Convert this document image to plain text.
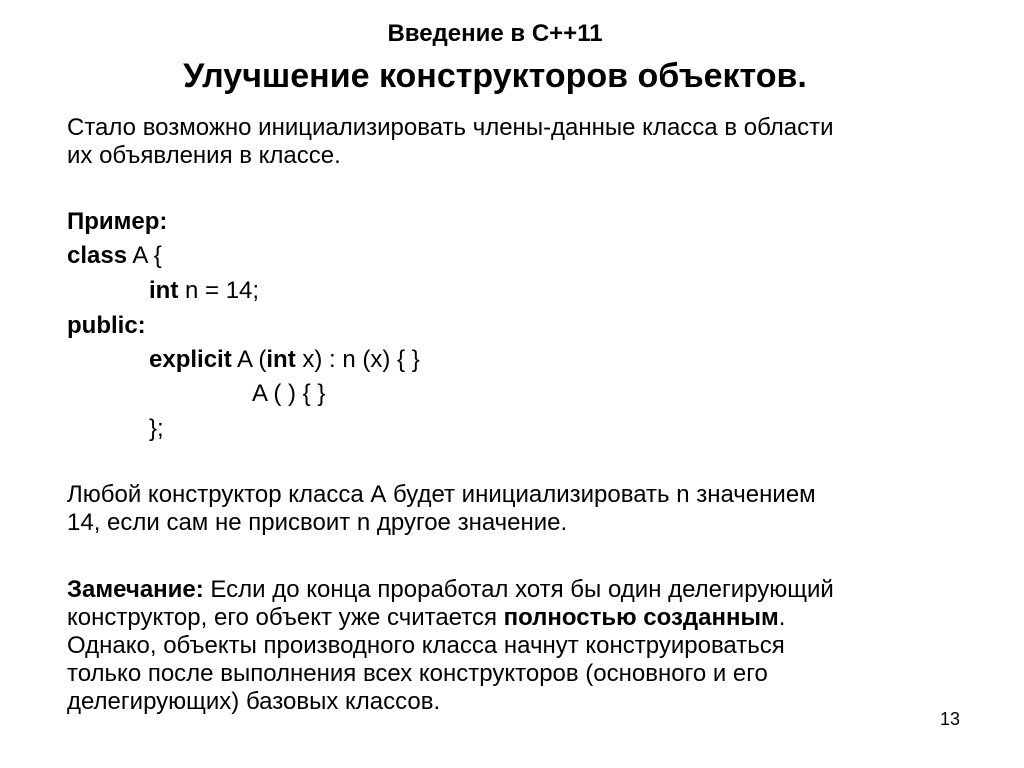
Введение в С++11
Улучшение конструкторов объектов.
Стало возможно инициализировать члены-данные класса в области
их объявления в классе.
Пример:
class A {
int n = 14;
public:
explicit A (int x) : n (x) { }
A ( ) { }
};
Любой конструктор класса А будет инициализировать n значением
14, если сам не присвоит n другое значение.
Замечание: Если до конца проработал хотя бы один делегирующий
конструктор, его объект уже считается полностью созданным.
Однако, объекты производного класса начнут конструироваться
только после выполнения всех конструкторов (основного и его
делегирующих) базовых классов.
13
